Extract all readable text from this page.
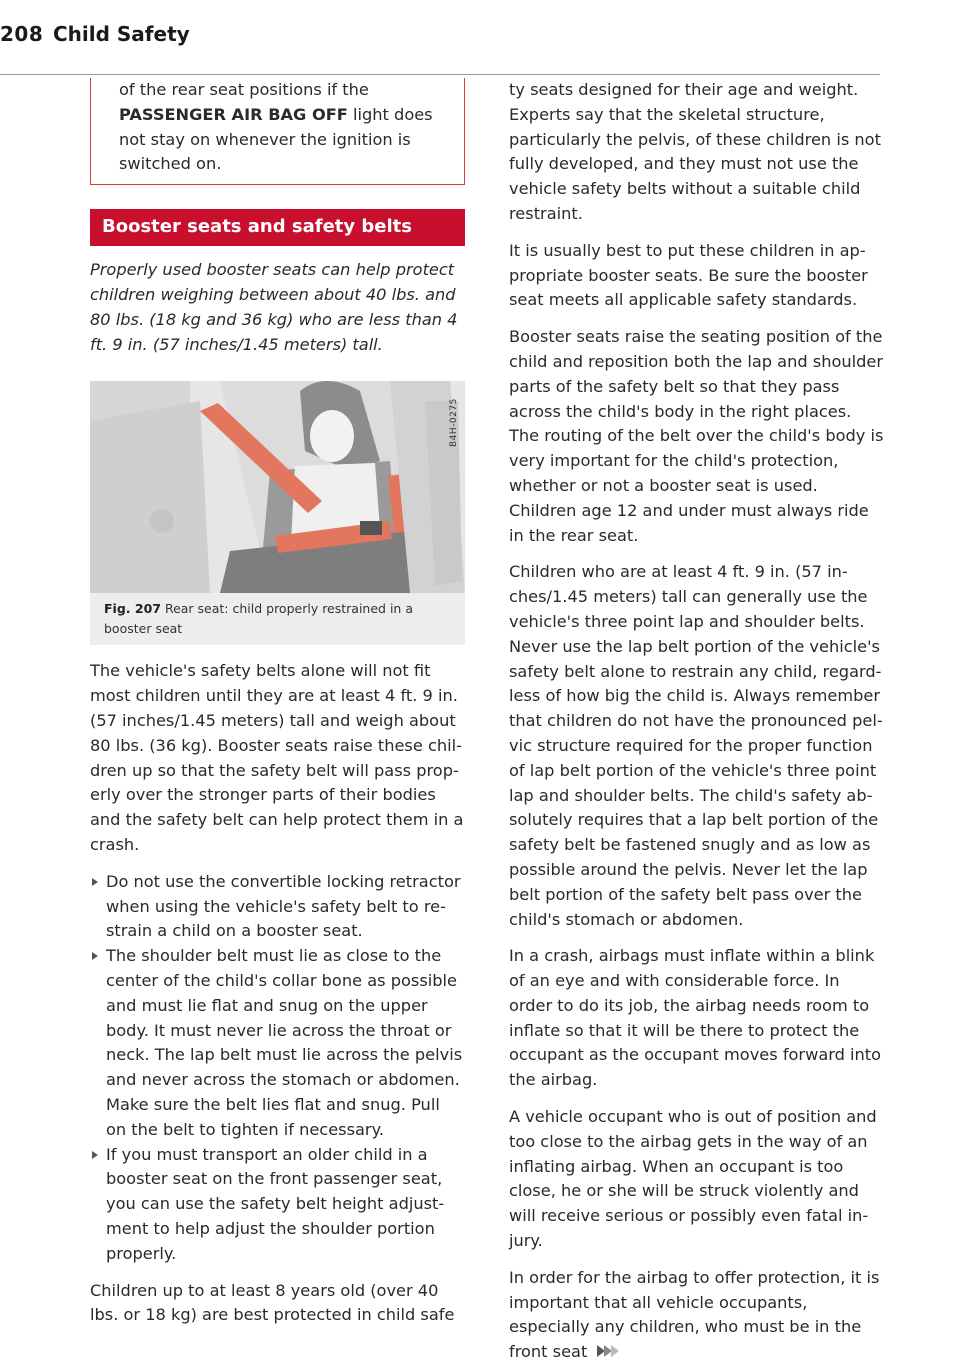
208 Child Safety

of the rear seat positions if the PASSENGER AIR BAG OFF light does not stay on whenever the ignition is switched on.

Booster seats and safety belts

Properly used booster seats can help protect children weighing between about 40 lbs. and 80 lbs. (18 kg and 36 kg) who are less than 4 ft. 9 in. (57 inches/1.45 meters) tall.

B4H-0275
Fig. 207 Rear seat: child properly restrained in a booster seat

The vehicle's safety belts alone will not fit most children until they are at least 4 ft. 9 in. (57 inches/1.45 meters) tall and weigh about 80 lbs. (36 kg). Booster seats raise these children up so that the safety belt will pass properly over the stronger parts of their bodies and the safety belt can help protect them in a crash.

Do not use the convertible locking retractor when using the vehicle's safety belt to restrain a child on a booster seat.
The shoulder belt must lie as close to the center of the child's collar bone as possible and must lie flat and snug on the upper body. It must never lie across the throat or neck. The lap belt must lie across the pelvis and never across the stomach or abdomen. Make sure the belt lies flat and snug. Pull on the belt to tighten if necessary.
If you must transport an older child in a booster seat on the front passenger seat, you can use the safety belt height adjustment to help adjust the shoulder portion properly.

Children up to at least 8 years old (over 40 lbs. or 18 kg) are best protected in child safe

ty seats designed for their age and weight. Experts say that the skeletal structure, particularly the pelvis, of these children is not fully developed, and they must not use the vehicle safety belts without a suitable child restraint.

It is usually best to put these children in appropriate booster seats. Be sure the booster seat meets all applicable safety standards.

Booster seats raise the seating position of the child and reposition both the lap and shoulder parts of the safety belt so that they pass across the child's body in the right places. The routing of the belt over the child's body is very important for the child's protection, whether or not a booster seat is used. Children age 12 and under must always ride in the rear seat.

Children who are at least 4 ft. 9 in. (57 inches/1.45 meters) tall can generally use the vehicle's three point lap and shoulder belts. Never use the lap belt portion of the vehicle's safety belt alone to restrain any child, regardless of how big the child is. Always remember that children do not have the pronounced pelvic structure required for the proper function of lap belt portion of the vehicle's three point lap and shoulder belts. The child's safety absolutely requires that a lap belt portion of the safety belt be fastened snugly and as low as possible around the pelvis. Never let the lap belt portion of the safety belt pass over the child's stomach or abdomen.

In a crash, airbags must inflate within a blink of an eye and with considerable force. In order to do its job, the airbag needs room to inflate so that it will be there to protect the occupant as the occupant moves forward into the airbag.

A vehicle occupant who is out of position and too close to the airbag gets in the way of an inflating airbag. When an occupant is too close, he or she will be struck violently and will receive serious or possibly even fatal injury.

In order for the airbag to offer protection, it is important that all vehicle occupants, especially any children, who must be in the front seat
